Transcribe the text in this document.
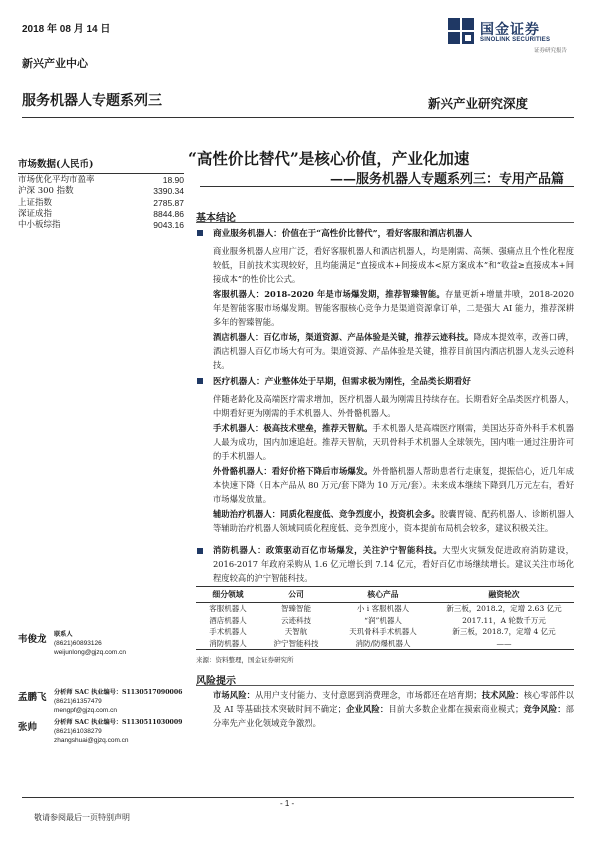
2018 年 08 月 14 日
新兴产业中心
服务机器人专题系列三	新兴产业研究深度
国金证券
SINOLINK SECURITIES
证券研究报告
“高性价比替代”是核心价值，产业化加速
——服务机器人专题系列三：专用产品篇
市场数据(人民币)
市场优化平均市盈率	18.90
沪深 300 指数	3390.34
上证指数	2785.87
深证成指	8844.86
中小板综指	9043.16
基本结论
商业服务机器人：价值在于“高性价比替代”，看好客服和酒店机器人
商业服务机器人应用广泛，看好客服机器人和酒店机器人，均是刚需、高频、强痛点且个性化程度较低，目前技术实现较好，且均能满足“直接成本+间接成本<原方案成本”和“收益≥直接成本+间接成本”的性价比公式。
客服机器人：2018-2020 年是市场爆发期，推荐智臻智能。存量更新+增量井喷，2018-2020 年是智能客服市场爆发期。智能客服核心竞争力是渠道资源拿订单，二是强大 AI 能力，推荐深耕多年的智臻智能。
酒店机器人：百亿市场，渠道资源、产品体验是关键，推荐云迹科技。降成本提效率，改善口碑，酒店机器人百亿市场大有可为。渠道资源、产品体验是关键，推荐目前国内酒店机器人龙头云迹科技。
医疗机器人：产业整体处于早期，但需求极为刚性，全品类长期看好
伴随老龄化及高端医疗需求增加，医疗机器人最为刚需且持续存在。长期看好全品类医疗机器人，中期看好更为刚需的手术机器人、外骨骼机器人。
手术机器人：极高技术壁垒，推荐天智航。手术机器人是高端医疗刚需，美国达芬奇外科手术机器人最为成功，国内加速追赶。推荐天智航，天玑骨科手术机器人全球领先，国内唯一通过注册许可的手术机器人。
外骨骼机器人：看好价格下降后市场爆发。外骨骼机器人帮助患者行走康复，提振信心，近几年成本快速下降（日本产品从 80 万元/套下降为 10 万元/套）。未来成本继续下降到几万元左右，看好市场爆发放量。
辅助治疗机器人：同质化程度低、竞争烈度小，投资机会多。胶囊胃镜、配药机器人、诊断机器人等辅助治疗机器人领域同质化程度低、竞争烈度小，资本提前布局机会较多，建议积极关注。
消防机器人：政策驱动百亿市场爆发，关注沪宁智能科技。大型火灾频发促进政府消防建设，2016-2017 年政府采购从 1.6 亿元增长到 7.14 亿元，看好百亿市场继续增长。建议关注市场化程度较高的沪宁智能科技。
细分领域	公司	核心产品	融资轮次
客服机器人	智臻智能	小 i 客服机器人	新三板，2018.2，定增 2.63 亿元
酒店机器人	云迹科技	“润”机器人	2017.11，A 轮数千万元
手术机器人	天智航	天玑骨科手术机器人	新三板，2018.7，定增 4 亿元
消防机器人	沪宁智能科技	消防/防爆机器人	——
来源：资料整理，国金证券研究所
风险提示
市场风险：从用户支付能力、支付意愿到消费理念，市场都还在培育期；技术风险：核心零部件以及 AI 等基础技术突破时间不确定；企业风险：目前大多数企业都在摸索商业模式；竞争风险：部分率先产业化领域竞争激烈。
韦俊龙 联系人
(8621)60893126
weijunlong@gjzq.com.cn
孟鹏飞 分析师 SAC 执业编号：S1130517090006
(8621)61357479
mengpf@gjzq.com.cn
张帅	分析师 SAC 执业编号：S1130511030009
(8621)61038279
zhangshuai@gjzq.com.cn
- 1 -
敬请参阅最后一页特别声明
